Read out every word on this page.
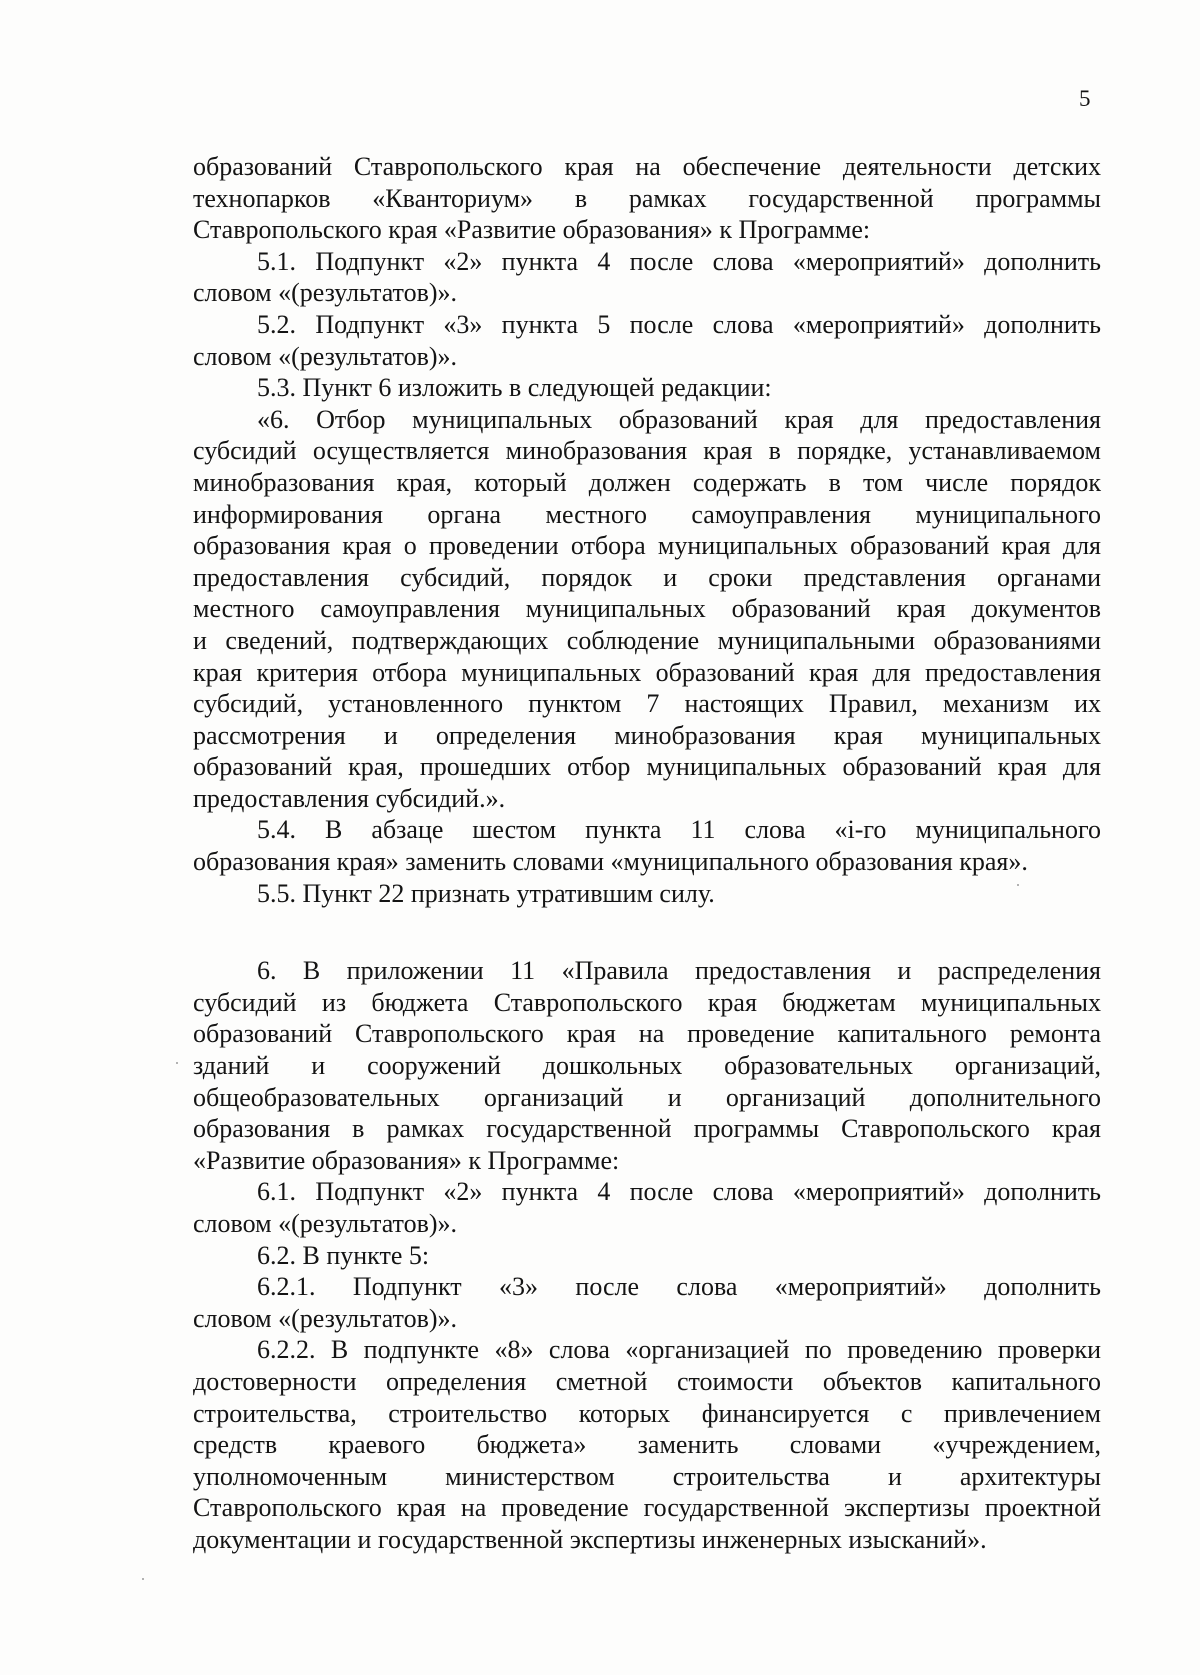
5
образований Ставропольского края на обеспечение деятельности детских
технопарков «Кванториум» в рамках государственной программы
Ставропольского края «Развитие образования» к Программе:
5.1. Подпункт «2» пункта 4 после слова «мероприятий» дополнить
словом «(результатов)».
5.2. Подпункт «3» пункта 5 после слова «мероприятий» дополнить
словом «(результатов)».
5.3. Пункт 6 изложить в следующей редакции:
«6. Отбор муниципальных образований края для предоставления
субсидий осуществляется минобразования края в порядке, устанавливаемом
минобразования края, который должен содержать в том числе порядок
информирования органа местного самоуправления муниципального
образования края о проведении отбора муниципальных образований края для
предоставления субсидий, порядок и сроки представления органами
местного самоуправления муниципальных образований края документов
и сведений, подтверждающих соблюдение муниципальными образованиями
края критерия отбора муниципальных образований края для предоставления
субсидий, установленного пунктом 7 настоящих Правил, механизм их
рассмотрения и определения минобразования края муниципальных
образований края, прошедших отбор муниципальных образований края для
предоставления субсидий.».
5.4. В абзаце шестом пункта 11 слова «i-го муниципального
образования края» заменить словами «муниципального образования края».
5.5. Пункт 22 признать утратившим силу.
6. В приложении 11 «Правила предоставления и распределения
субсидий из бюджета Ставропольского края бюджетам муниципальных
образований Ставропольского края на проведение капитального ремонта
зданий и сооружений дошкольных образовательных организаций,
общеобразовательных организаций и организаций дополнительного
образования в рамках государственной программы Ставропольского края
«Развитие образования» к Программе:
6.1. Подпункт «2» пункта 4 после слова «мероприятий» дополнить
словом «(результатов)».
6.2. В пункте 5:
6.2.1. Подпункт «3» после слова «мероприятий» дополнить
словом «(результатов)».
6.2.2. В подпункте «8» слова «организацией по проведению проверки
достоверности определения сметной стоимости объектов капитального
строительства, строительство которых финансируется с привлечением
средств краевого бюджета» заменить словами «учреждением,
уполномоченным министерством строительства и архитектуры
Ставропольского края на проведение государственной экспертизы проектной
документации и государственной экспертизы инженерных изысканий».
